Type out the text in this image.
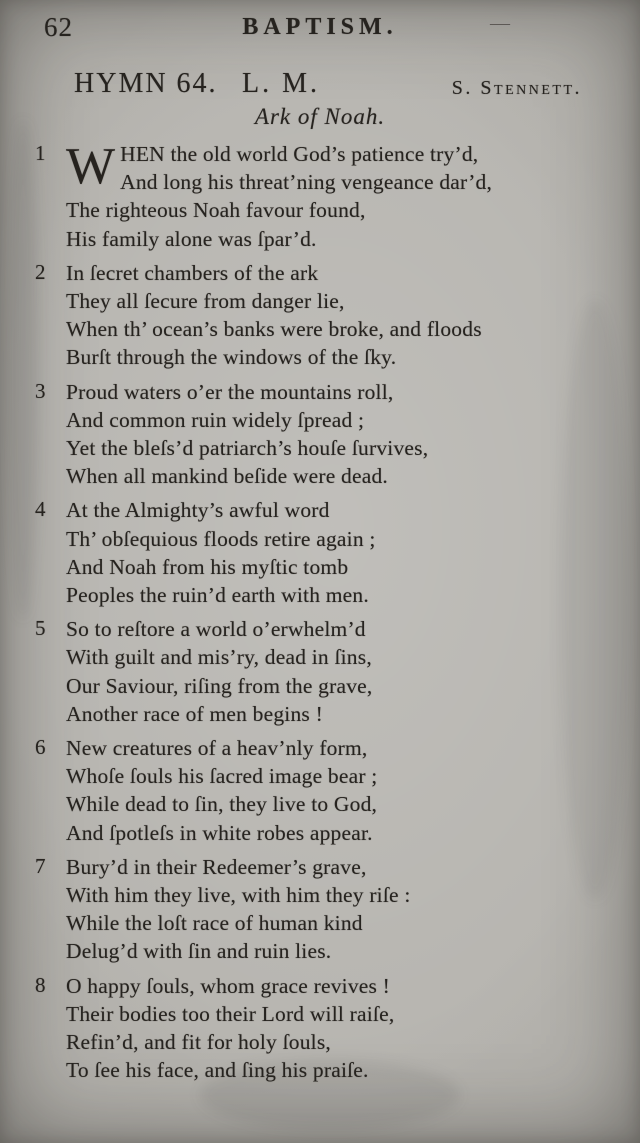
62	BAPTISM.	—
HYMN 64. L. M.	S. Stennett.
Ark of Noah.
1 W HEN the old world God’s patience try’d,
And long his threat’ning vengeance dar’d,
The righteous Noah favour found,
His family alone was ſpar’d.
2 In ſecret chambers of the ark
They all ſecure from danger lie,
When th’ ocean’s banks were broke, and floods
Burſt through the windows of the ſky.
3 Proud waters o’er the mountains roll,
And common ruin widely ſpread ;
Yet the bleſs’d patriarch’s houſe ſurvives,
When all mankind beſide were dead.
4 At the Almighty’s awful word
Th’ obſequious floods retire again ;
And Noah from his myſtic tomb
Peoples the ruin’d earth with men.
5 So to reſtore a world o’erwhelm’d
With guilt and mis’ry, dead in ſins,
Our Saviour, riſing from the grave,
Another race of men begins !
6 New creatures of a heav’nly form,
Whoſe ſouls his ſacred image bear ;
While dead to ſin, they live to God,
And ſpotleſs in white robes appear.
7 Bury’d in their Redeemer’s grave,
With him they live, with him they riſe :
While the loſt race of human kind
Delug’d with ſin and ruin lies.
8 O happy ſouls, whom grace revives !
Their bodies too their Lord will raiſe,
Refin’d, and fit for holy ſouls,
To ſee his face, and ſing his praiſe.
